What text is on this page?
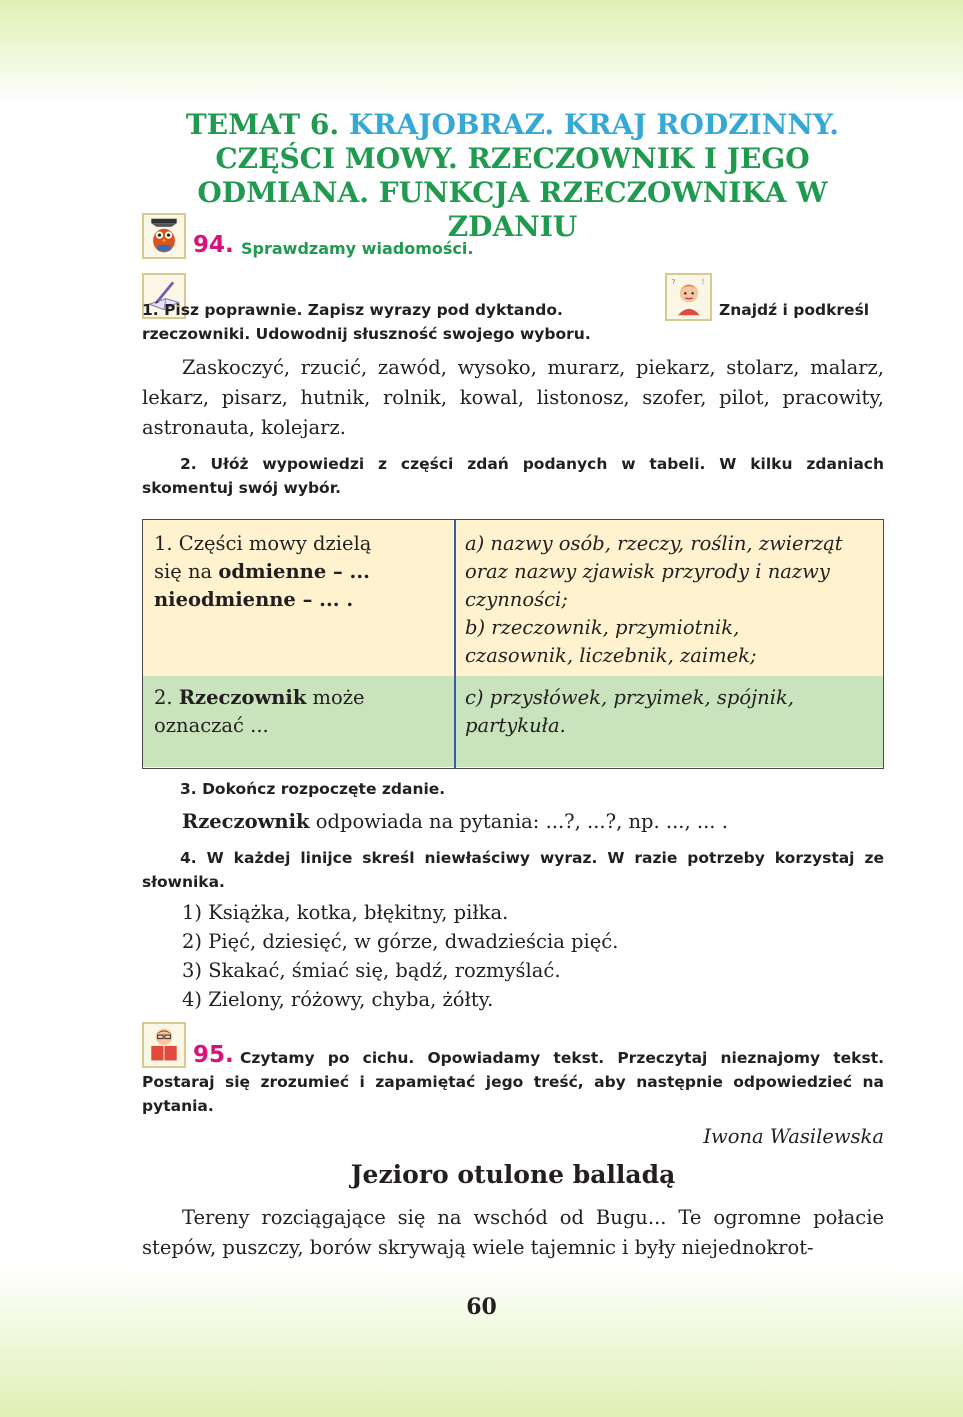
TEMAT 6. KRAJOBRAZ. KRAJ RODZINNY.
CZĘŚCI MOWY. RZECZOWNIK I JEGO
ODMIANA. FUNKCJA RZECZOWNIKA W ZDANIU
94. Sprawdzamy wiadomości.
1. Pisz poprawnie. Zapisz wyrazy pod dyktando.
?	!
Znajdź i podkreśl
rzeczowniki. Udowodnij słuszność swojego wyboru.
Zaskoczyć, rzucić, zawód, wysoko, murarz, piekarz, stolarz, malarz, lekarz, pisarz, hutnik, rolnik, kowal, listonosz, szofer, pilot, pracowity, astronauta, kolejarz.
2. Ułóż wypowiedzi z części zdań podanych w tabeli. W kilku zdaniach skomentuj swój wybór.
1. Części mowy dzielą
się na odmienne – ...
nieodmienne – ... .
a) nazwy osób, rzeczy, roślin, zwierząt
oraz nazwy zjawisk przyrody i nazwy
czynności;
b) rzeczownik, przymiotnik,
czasownik, liczebnik, zaimek;
2. Rzeczownik może
oznaczać ...
c) przysłówek, przyimek, spójnik,
partykuła.
3. Dokończ rozpoczęte zdanie.
Rzeczownik odpowiada na pytania: ...?, ...?, np. ..., ... .
4. W każdej linijce skreśl niewłaściwy wyraz. W razie potrzeby korzystaj ze słownika.
1) Książka, kotka, błękitny, piłka.
2) Pięć, dziesięć, w górze, dwadzieścia pięć.
3) Skakać, śmiać się, bądź, rozmyślać.
4) Zielony, różowy, chyba, żółty.
95. Czytamy po cichu. Opowiadamy tekst. Przeczytaj nieznajomy tekst. Postaraj się zrozumieć i zapamiętać jego treść, aby następnie odpowiedzieć na pytania.
Iwona Wasilewska
Jezioro otulone balladą
Tereny rozciągające się na wschód od Bugu... Te ogromne połacie stepów, puszczy, borów skrywają wiele tajemnic i były niejednokrot-
60
